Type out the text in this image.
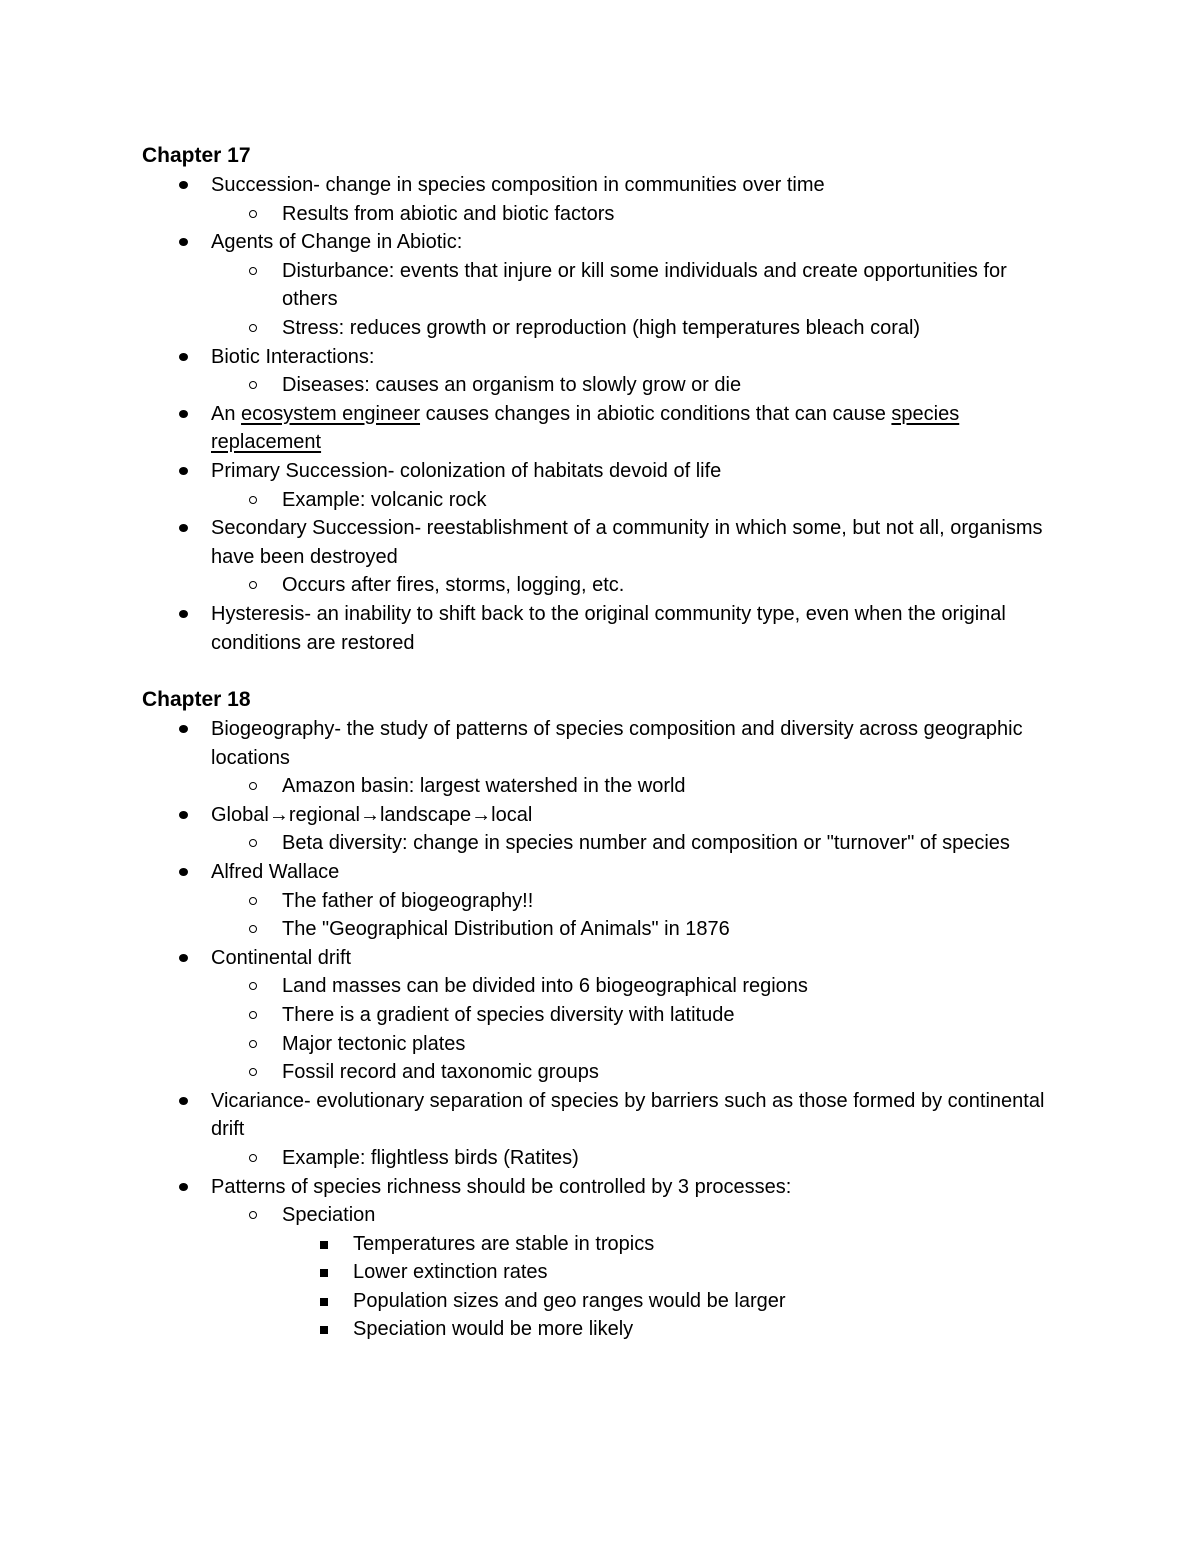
Chapter 17
Succession- change in species composition in communities over time
Results from abiotic and biotic factors
Agents of Change in Abiotic:
Disturbance: events that injure or kill some individuals and create opportunities for others
Stress: reduces growth or reproduction (high temperatures bleach coral)
Biotic Interactions:
Diseases: causes an organism to slowly grow or die
An ecosystem engineer causes changes in abiotic conditions that can cause species replacement
Primary Succession- colonization of habitats devoid of life
Example: volcanic rock
Secondary Succession- reestablishment of a community in which some, but not all, organisms have been destroyed
Occurs after fires, storms, logging, etc.
Hysteresis- an inability to shift back to the original community type, even when the original conditions are restored
Chapter 18
Biogeography- the study of patterns of species composition and diversity across geographic locations
Amazon basin: largest watershed in the world
Global→regional→landscape→local
Beta diversity: change in species number and composition or "turnover" of species
Alfred Wallace
The father of biogeography!!
The "Geographical Distribution of Animals" in 1876
Continental drift
Land masses can be divided into 6 biogeographical regions
There is a gradient of species diversity with latitude
Major tectonic plates
Fossil record and taxonomic groups
Vicariance- evolutionary separation of species by barriers such as those formed by continental drift
Example: flightless birds (Ratites)
Patterns of species richness should be controlled by 3 processes:
Speciation
Temperatures are stable in tropics
Lower extinction rates
Population sizes and geo ranges would be larger
Speciation would be more likely
